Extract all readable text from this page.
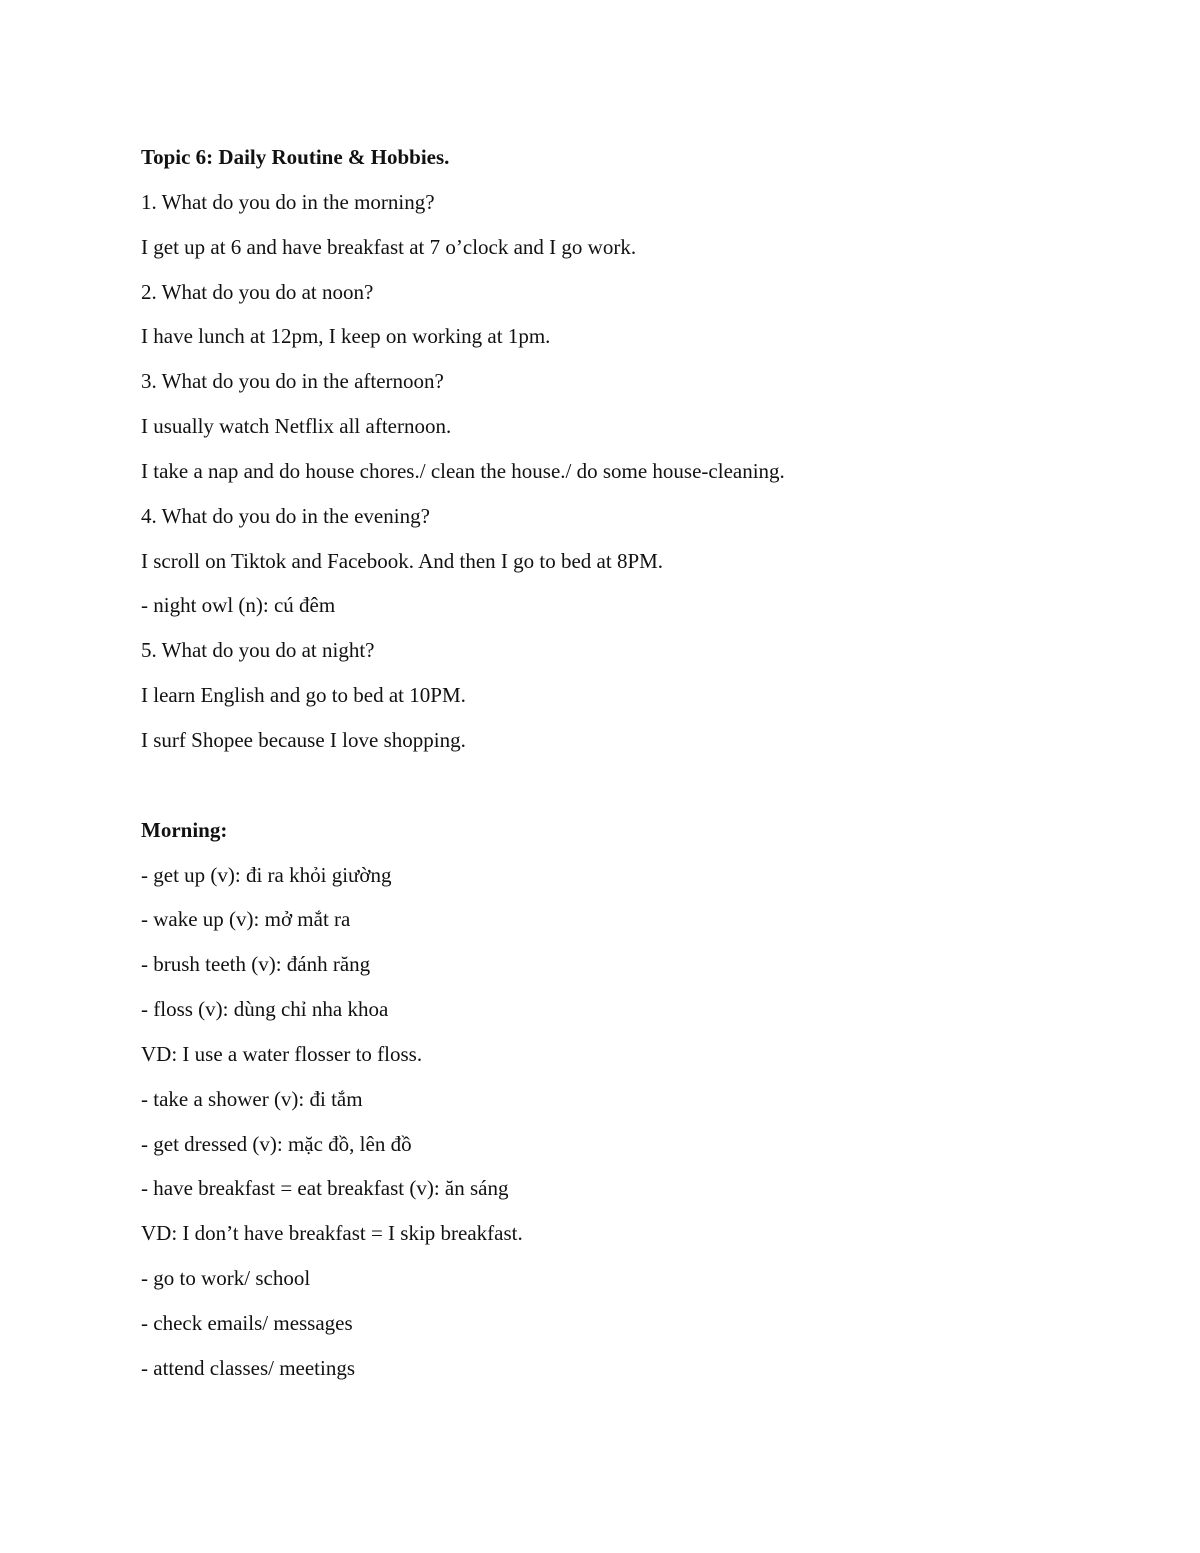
Topic 6: Daily Routine & Hobbies.
1. What do you do in the morning?
I get up at 6 and have breakfast at 7 o’clock and I go work.
2. What do you do at noon?
I have lunch at 12pm, I keep on working at 1pm.
3. What do you do in the afternoon?
I usually watch Netflix all afternoon.
I take a nap and do house chores./ clean the house./ do some house-cleaning.
4. What do you do in the evening?
I scroll on Tiktok and Facebook. And then I go to bed at 8PM.
- night owl (n): cú đêm
5. What do you do at night?
I learn English and go to bed at 10PM.
I surf Shopee because I love shopping.
Morning:
- get up (v): đi ra khỏi giường
- wake up (v): mở mắt ra
- brush teeth (v): đánh răng
- floss (v): dùng chỉ nha khoa
VD: I use a water flosser to floss.
- take a shower (v): đi tắm
- get dressed (v): mặc đồ, lên đồ
- have breakfast = eat breakfast (v): ăn sáng
VD: I don’t have breakfast = I skip breakfast.
- go to work/ school
- check emails/ messages
- attend classes/ meetings
